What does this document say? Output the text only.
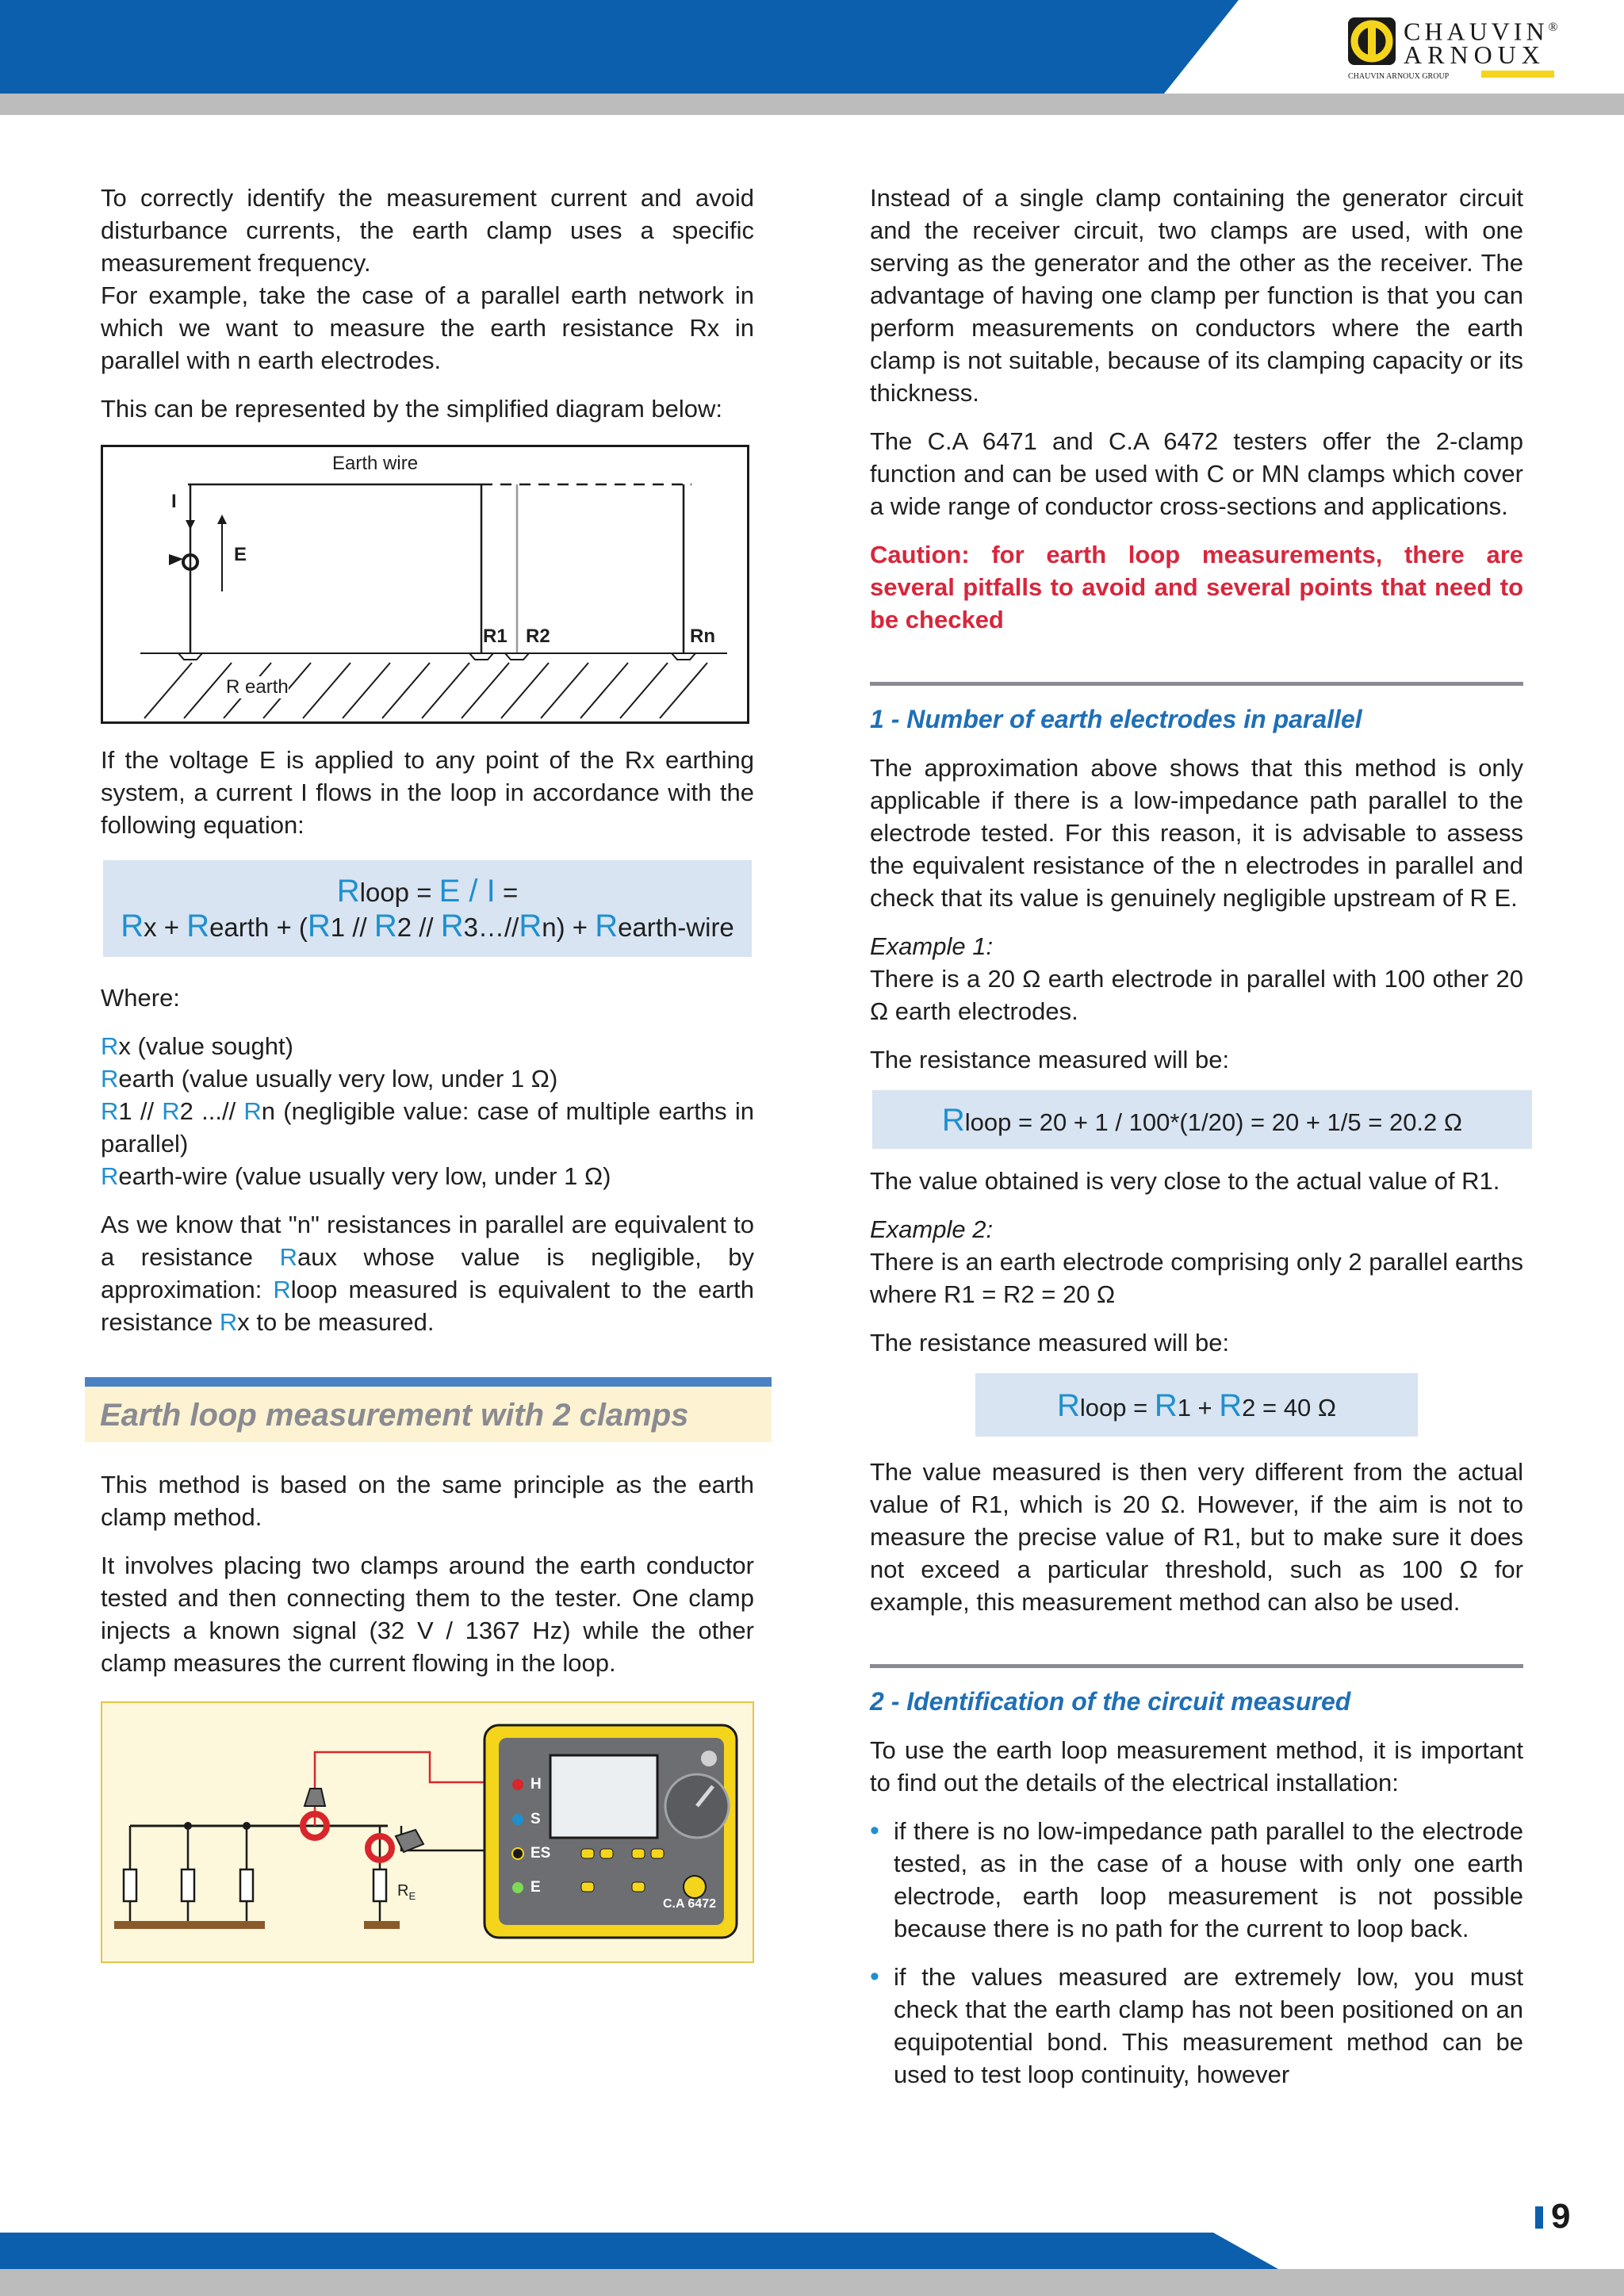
CHAUVIN®
ARNOUX
CHAUVIN ARNOUX GROUP

To correctly identify the measurement current and avoid disturbance currents, the earth clamp uses a specific measurement frequency.

For example, take the case of a parallel earth network in which we want to measure the earth resistance Rx in parallel with n earth electrodes.

This can be represented by the simplified diagram below:

Earth wire
I
E
R1 R2	Rn
R earth

If the voltage E is applied to any point of the Rx earthing system, a current I flows in the loop in accordance with the following equation:

Rloop = E / I =
Rx + Rearth + (R1 // R2 // R3…//Rn) + Rearth-wire

Where:

Rx (value sought)

Rearth (value usually very low, under 1 Ω)

R1 // R2 ...// Rn (negligible value: case of multiple earths in parallel)

Rearth-wire (value usually very low, under 1 Ω)

As we know that "n" resistances in parallel are equivalent to a resistance Raux whose value is negligible, by approximation: Rloop measured is equivalent to the earth resistance Rx to be measured.

Earth loop measurement with 2 clamps

This method is based on the same principle as the earth clamp method.

It involves placing two clamps around the earth conductor tested and then connecting them to the tester. One clamp injects a known signal (32 V / 1367 Hz) while the other clamp measures the current flowing in the loop.

H
S
ES
E
C.A 6472
$R_E$

Instead of a single clamp containing the generator circuit and the receiver circuit, two clamps are used, with one serving as the generator and the other as the receiver. The advantage of having one clamp per function is that you can perform measurements on conductors where the earth clamp is not suitable, because of its clamping capacity or its thickness.

The C.A 6471 and C.A 6472 testers offer the 2-clamp function and can be used with C or MN clamps which cover a wide range of conductor cross-sections and applications.

Caution: for earth loop measurements, there are several pitfalls to avoid and several points that need to be checked

1 - Number of earth electrodes in parallel

The approximation above shows that this method is only applicable if there is a low-impedance path parallel to the electrode tested. For this reason, it is advisable to assess the equivalent resistance of the n electrodes in parallel and check that its value is genuinely negligible upstream of R E.

Example 1:

There is a 20 Ω earth electrode in parallel with 100 other 20 Ω earth electrodes.

The resistance measured will be:

Rloop = 20 + 1 / 100*(1/20) = 20 + 1/5 = 20.2 Ω

The value obtained is very close to the actual value of R1.

Example 2:

There is an earth electrode comprising only 2 parallel earths where R1 = R2 = 20 Ω

The resistance measured will be:

Rloop = R1 + R2 = 40 Ω

The value measured is then very different from the actual value of R1, which is 20 Ω. However, if the aim is not to measure the precise value of R1, but to make sure it does not exceed a particular threshold, such as 100 Ω for example, this measurement method can also be used.

2 - Identification of the circuit measured

To use the earth loop measurement method, it is important to find out the details of the electrical installation:

• if there is no low-impedance path parallel to the electrode tested, as in the case of a house with only one earth electrode, earth loop measurement is not possible because there is no path for the current to loop back.
• if the values measured are extremely low, you must check that the earth clamp has not been positioned on an equipotential bond. This measurement method can be used to test loop continuity, however
9
